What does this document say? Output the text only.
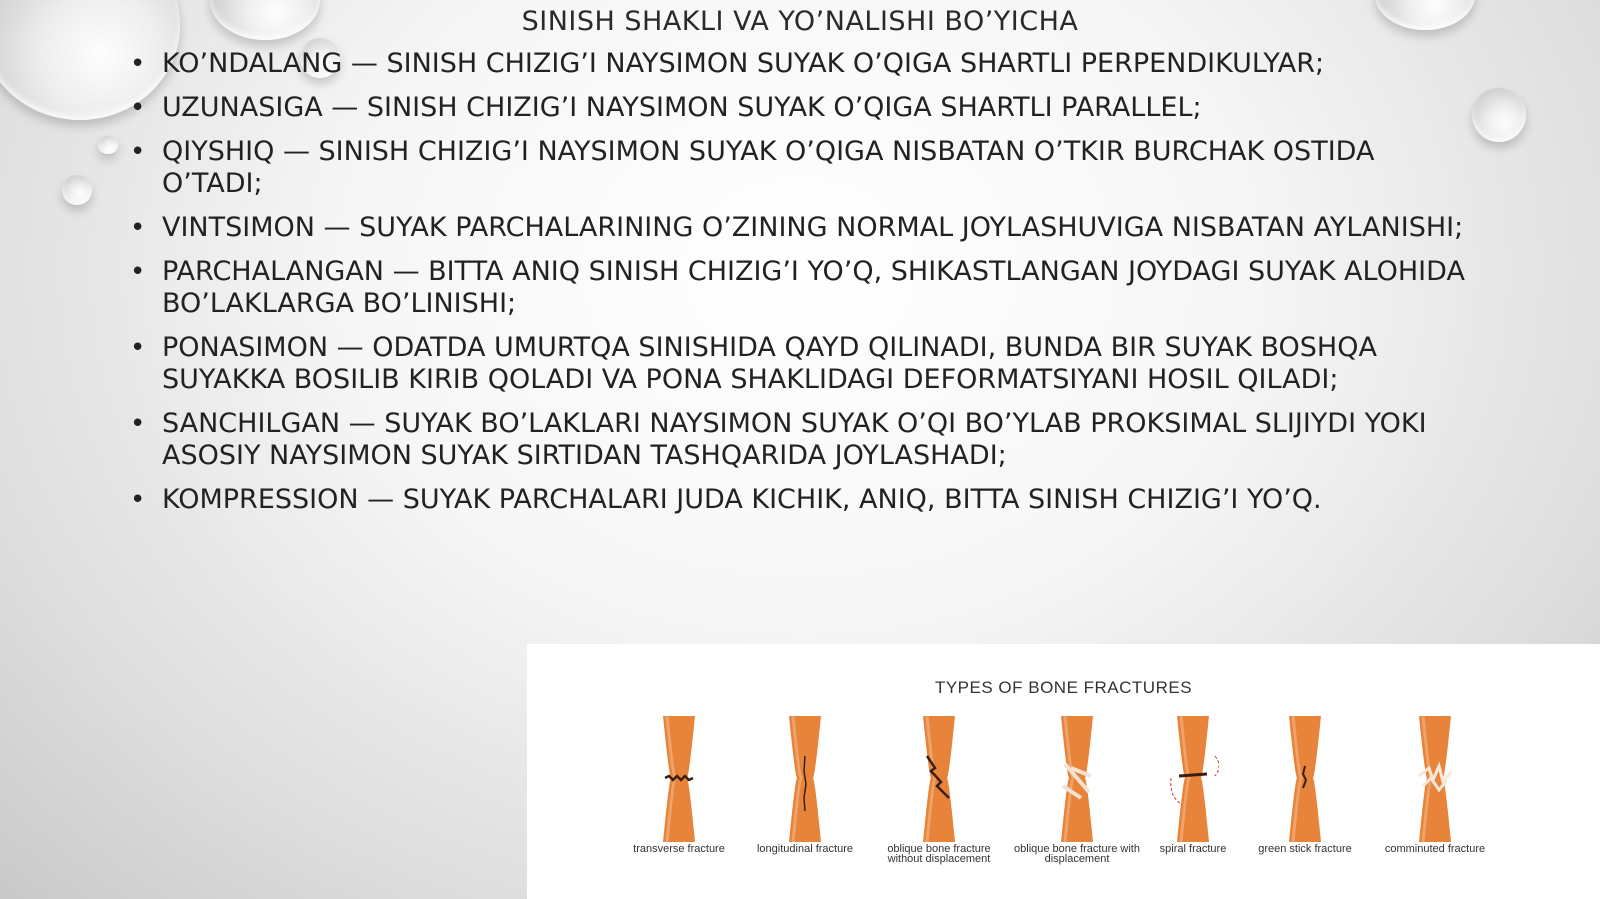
SINISH SHAKLI VA YO’NALISHI BO’YICHA
• KO’NDALANG — SINISH CHIZIG’I NAYSIMON SUYAK O’QIGA SHARTLI PERPENDIKULYAR;
• UZUNASIGA — SINISH CHIZIG’I NAYSIMON SUYAK O’QIGA SHARTLI PARALLEL;
• QIYSHIQ — SINISH CHIZIG’I NAYSIMON SUYAK O’QIGA NISBATAN O’TKIR BURCHAK OSTIDA O’TADI;
• VINTSIMON — SUYAK PARCHALARINING O’ZINING NORMAL JOYLASHUVIGA NISBATAN AYLANISHI;
• PARCHALANGAN — BITTA ANIQ SINISH CHIZIG’I YO’Q, SHIKASTLANGAN JOYDAGI SUYAK ALOHIDA BO’LAKLARGA BO’LINISHI;
• PONASIMON — ODATDA UMURTQA SINISHIDA QAYD QILINADI, BUNDA BIR SUYAK BOSHQA SUYAKKA BOSILIB KIRIB QOLADI VA PONA SHAKLIDAGI DEFORMATSIYANI HOSIL QILADI;
• SANCHILGAN — SUYAK BO’LAKLARI NAYSIMON SUYAK O’QI BO’YLAB PROKSIMAL SLIJIYDI YOKI ASOSIY NAYSIMON SUYAK SIRTIDAN TASHQARIDA JOYLASHADI;
• KOMPRESSION — SUYAK PARCHALARI JUDA KICHIK, ANIQ, BITTA SINISH CHIZIG’I YO’Q.
TYPES OF BONE FRACTURES
transverse fracture	longitudinal fracture	oblique bone fracture without displacement
oblique bone fracture with displacement
spiral fracture	green stick fracture	comminuted fracture
